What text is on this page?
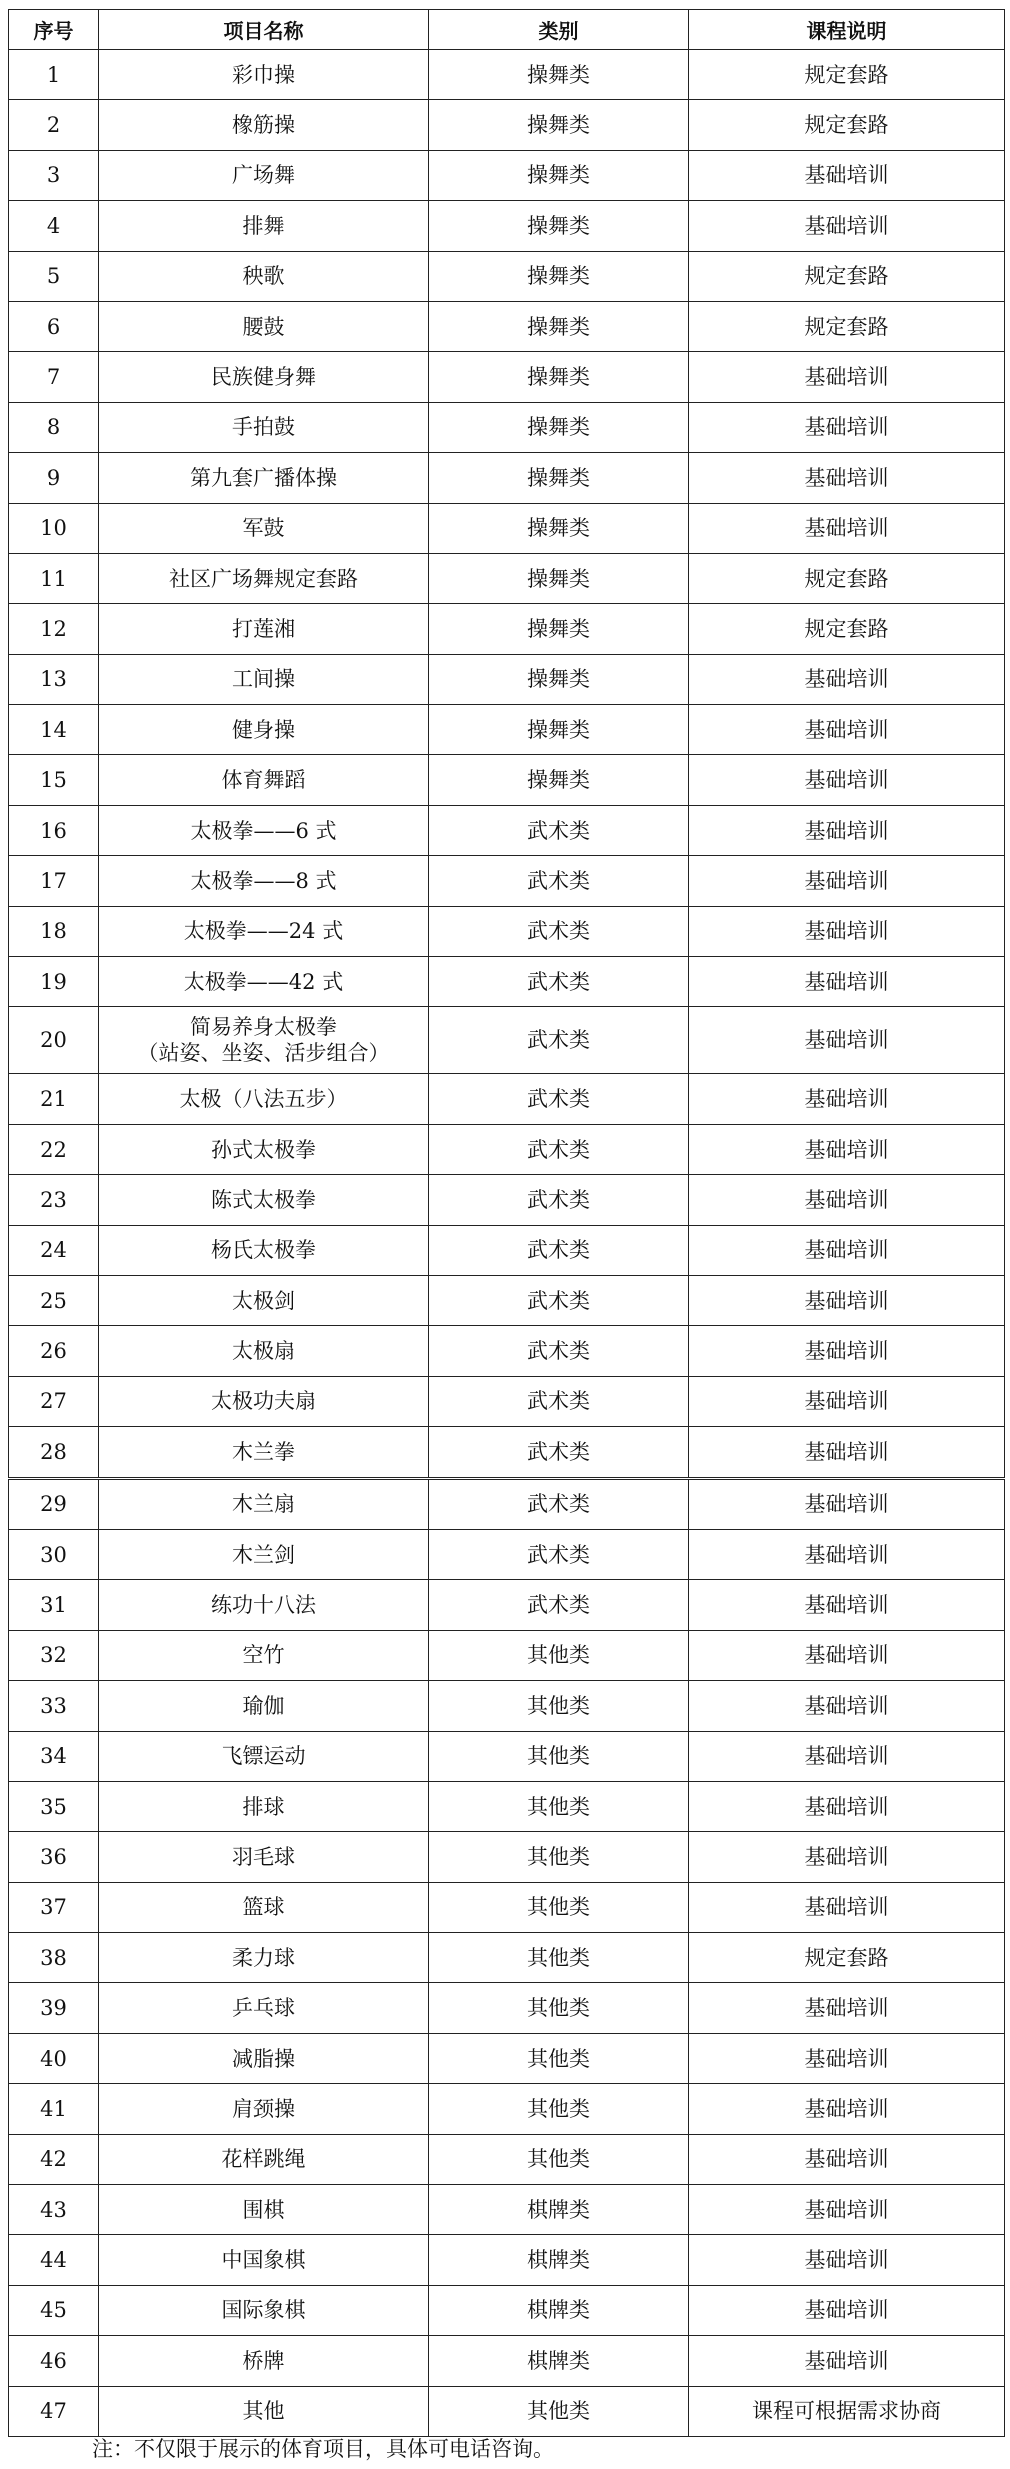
序号	项目名称	类别	课程说明
1	彩巾操	操舞类	规定套路
2	橡筋操	操舞类	规定套路
3	广场舞	操舞类	基础培训
4	排舞	操舞类	基础培训
5	秧歌	操舞类	规定套路
6	腰鼓	操舞类	规定套路
7	民族健身舞	操舞类	基础培训
8	手拍鼓	操舞类	基础培训
9	第九套广播体操	操舞类	基础培训
10	军鼓	操舞类	基础培训
11	社区广场舞规定套路	操舞类	规定套路
12	打莲湘	操舞类	规定套路
13	工间操	操舞类	基础培训
14	健身操	操舞类	基础培训
15	体育舞蹈	操舞类	基础培训
16	太极拳——6 式	武术类	基础培训
17	太极拳——8 式	武术类	基础培训
18	太极拳——24 式	武术类	基础培训
19	太极拳——42 式	武术类	基础培训
20	简易养身太极拳
（站姿、坐姿、活步组合）	武术类	基础培训
21	太极（八法五步）	武术类	基础培训
22	孙式太极拳	武术类	基础培训
23	陈式太极拳	武术类	基础培训
24	杨氏太极拳	武术类	基础培训
25	太极剑	武术类	基础培训
26	太极扇	武术类	基础培训
27	太极功夫扇	武术类	基础培训
28	木兰拳	武术类	基础培训
29	木兰扇	武术类	基础培训
30	木兰剑	武术类	基础培训
31	练功十八法	武术类	基础培训
32	空竹	其他类	基础培训
33	瑜伽	其他类	基础培训
34	飞镖运动	其他类	基础培训
35	排球	其他类	基础培训
36	羽毛球	其他类	基础培训
37	篮球	其他类	基础培训
38	柔力球	其他类	规定套路
39	乒乓球	其他类	基础培训
40	减脂操	其他类	基础培训
41	肩颈操	其他类	基础培训
42	花样跳绳	其他类	基础培训
43	围棋	棋牌类	基础培训
44	中国象棋	棋牌类	基础培训
45	国际象棋	棋牌类	基础培训
46	桥牌	棋牌类	基础培训
47	其他	其他类	课程可根据需求协商
注：不仅限于展示的体育项目，具体可电话咨询。
